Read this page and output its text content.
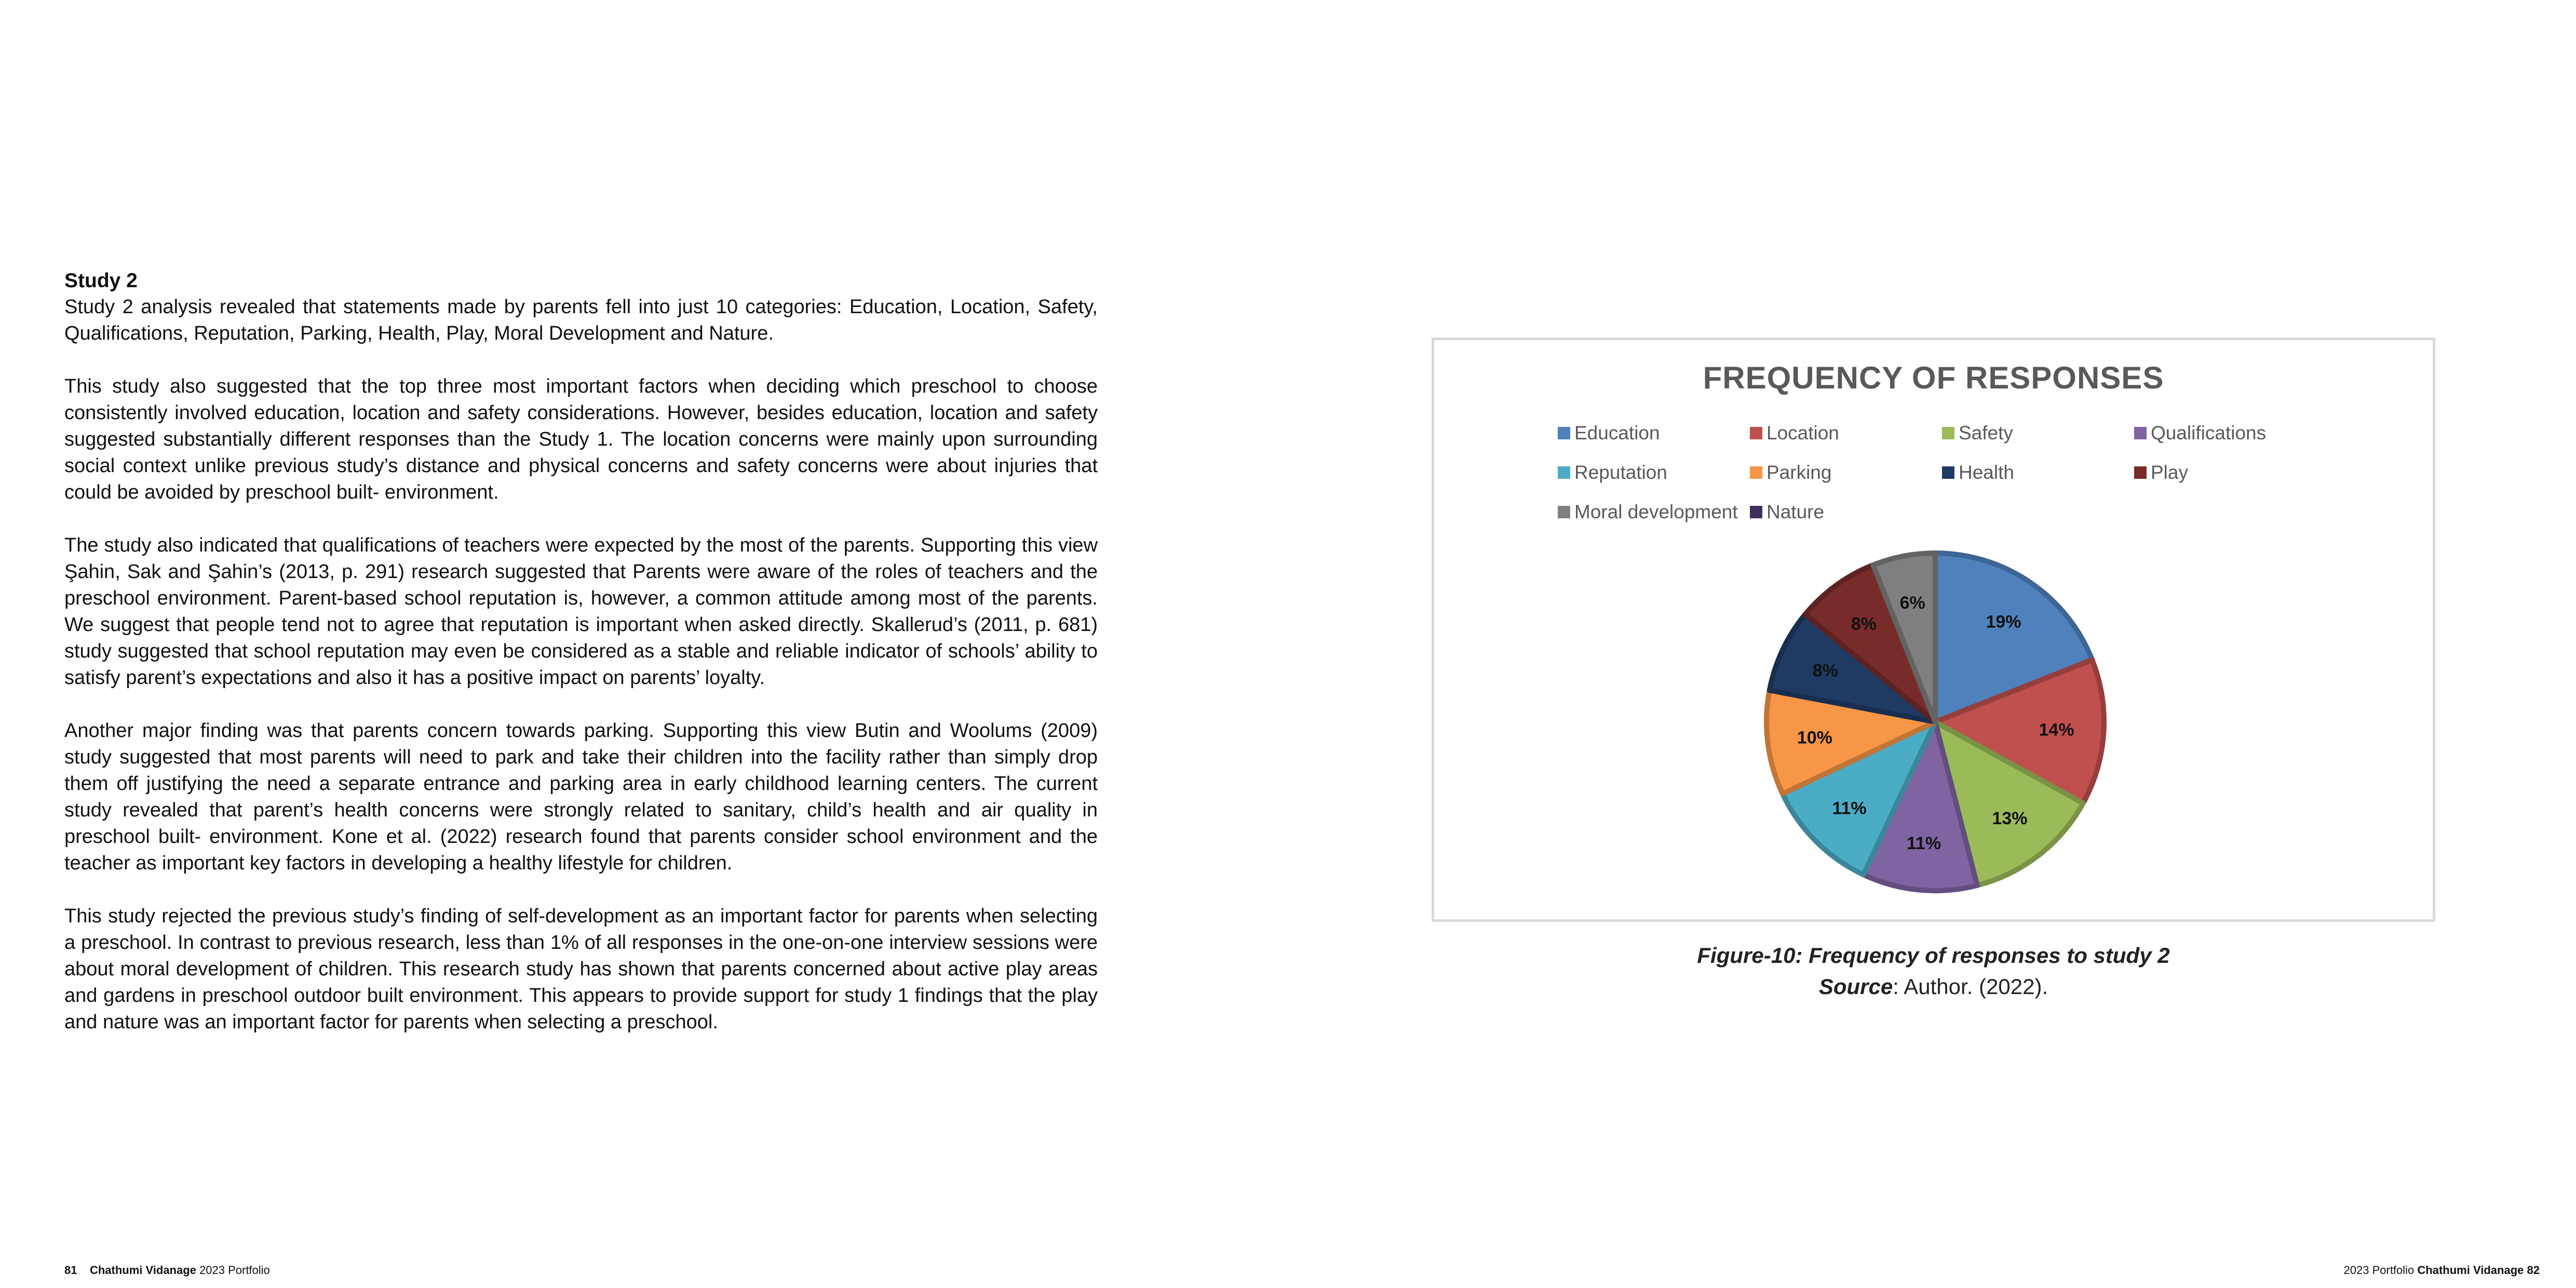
Study 2

Study 2 analysis revealed that statements made by parents fell into just 10 categories: Education, Location, Safety, Qualifications, Reputation, Parking, Health, Play, Moral Development and Nature.

This study also suggested that the top three most important factors when deciding which preschool to choose consistently involved education, location and safety considerations. However, besides education, location and safety suggested substantially different responses than the Study 1. The location concerns were mainly upon surrounding social context unlike previous study’s distance and physical concerns and safety concerns were about injuries that could be avoided by preschool built- environment.

The study also indicated that qualifications of teachers were expected by the most of the parents. Supporting this view Şahin, Sak and Şahin’s (2013, p. 291) research suggested that Parents were aware of the roles of teachers and the preschool environment. Parent-based school reputation is, however, a common attitude among most of the parents. We suggest that people tend not to agree that reputation is important when asked directly. Skallerud’s (2011, p. 681) study suggested that school reputation may even be considered as a stable and reliable indicator of schools’ ability to satisfy parent’s expectations and also it has a positive impact on parents’ loyalty.

Another major finding was that parents concern towards parking. Supporting this view Butin and Woolums (2009) study suggested that most parents will need to park and take their children into the facility rather than simply drop them off justifying the need a separate entrance and parking area in early childhood learning centers. The current study revealed that parent’s health concerns were strongly related to sanitary, child’s health and air quality in preschool built- environment. Kone et al. (2022) research found that parents consider school environment and the teacher as important key factors in developing a healthy lifestyle for children.

This study rejected the previous study’s finding of self-development as an important factor for parents when selecting a preschool. In contrast to previous research, less than 1% of all responses in the one-on-one interview sessions were about moral development of children. This research study has shown that parents concerned about active play areas and gardens in preschool outdoor built environment. This appears to provide support for study 1 findings that the play and nature was an important factor for parents when selecting a preschool.

FREQUENCY OF RESPONSES
Education	Location	Safety	Qualifications
Reputation	Parking	Health	Play
Moral development Nature
19%
14%
13%
11%
11%
10%
8%
8%
6%
Figure-10: Frequency of responses to study 2
Source: Author. (2022).
81 Chathumi Vidanage 2023 Portfolio	2023 Portfolio Chathumi Vidanage 82
